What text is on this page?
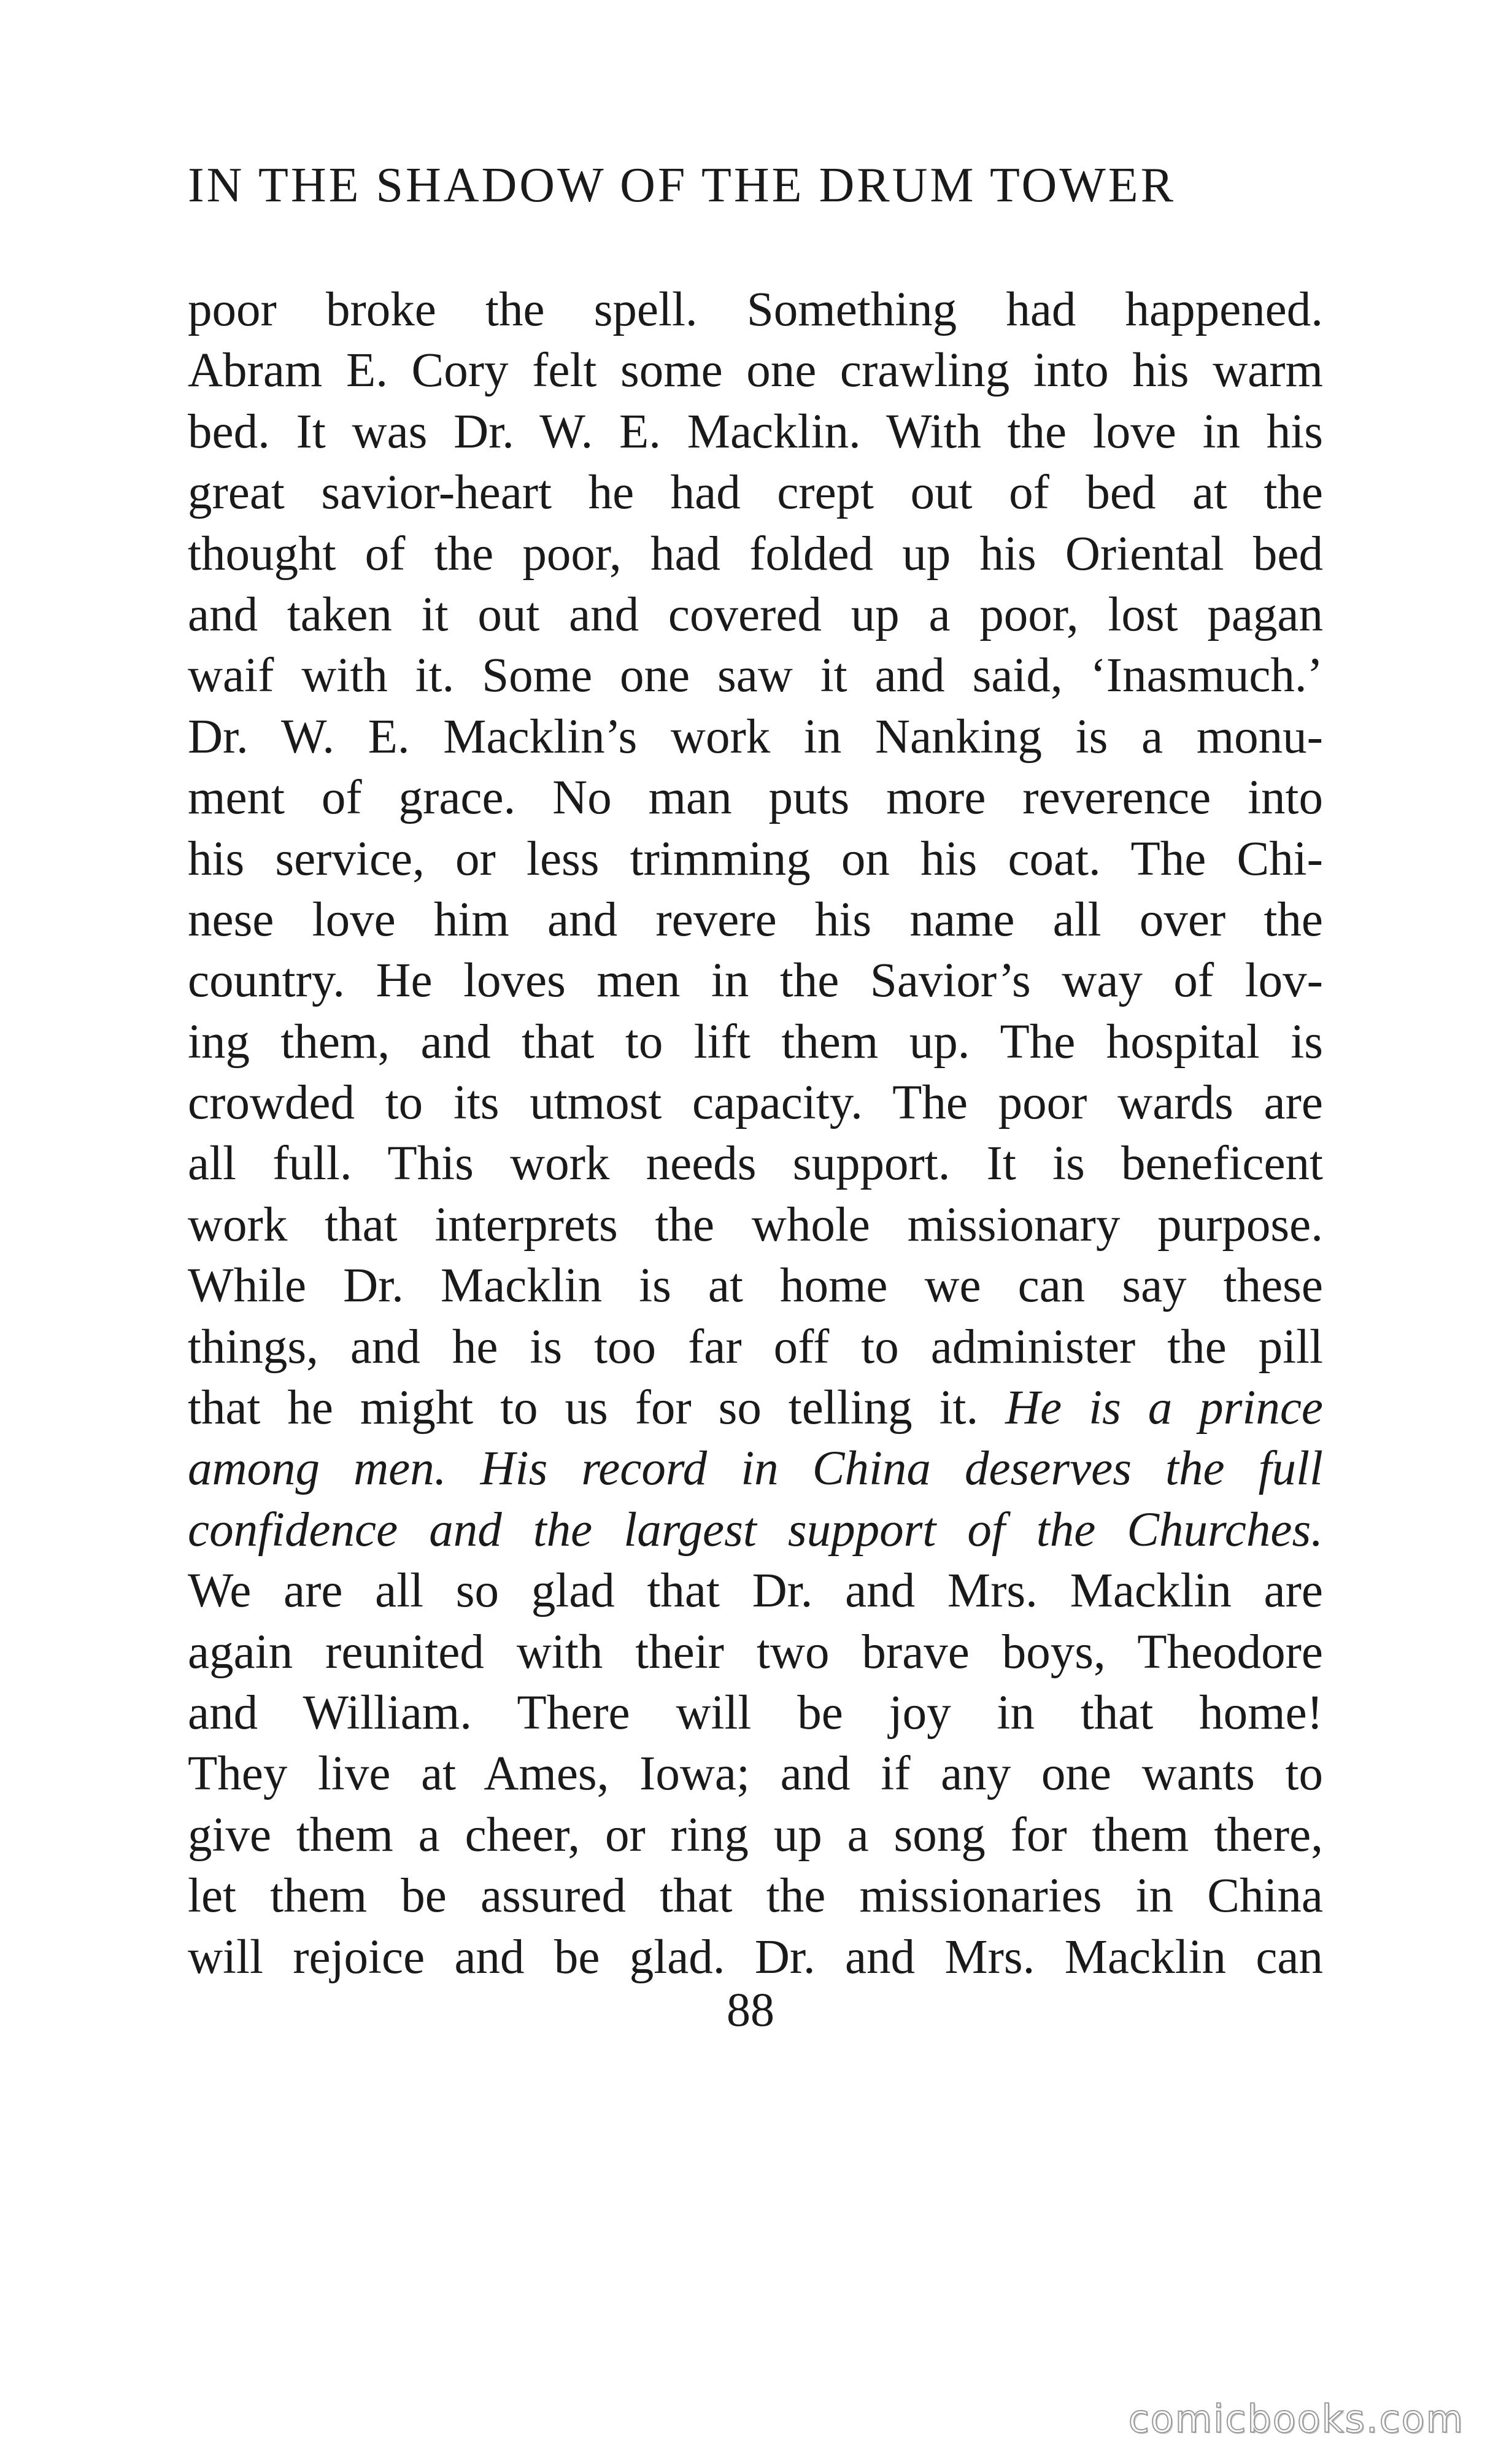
IN THE SHADOW OF THE DRUM TOWER
poor broke the spell. Something had happened.
Abram E. Cory felt some one crawling into his warm
bed. It was Dr. W. E. Macklin. With the love in his
great savior-heart he had crept out of bed at the
thought of the poor, had folded up his Oriental bed
and taken it out and covered up a poor, lost pagan
waif with it. Some one saw it and said, ‘Inasmuch.’
Dr. W. E. Macklin’s work in Nanking is a monu-
ment of grace. No man puts more reverence into
his service, or less trimming on his coat. The Chi-
nese love him and revere his name all over the
country. He loves men in the Savior’s way of lov-
ing them, and that to lift them up. The hospital is
crowded to its utmost capacity. The poor wards are
all full. This work needs support. It is beneficent
work that interprets the whole missionary purpose.
While Dr. Macklin is at home we can say these
things, and he is too far off to administer the pill
that he might to us for so telling it. He is a prince
among men. His record in China deserves the full
confidence and the largest support of the Churches.
We are all so glad that Dr. and Mrs. Macklin are
again reunited with their two brave boys, Theodore
and William. There will be joy in that home!
They live at Ames, Iowa; and if any one wants to
give them a cheer, or ring up a song for them there,
let them be assured that the missionaries in China
will rejoice and be glad. Dr. and Mrs. Macklin can
88
comicbooks.com
